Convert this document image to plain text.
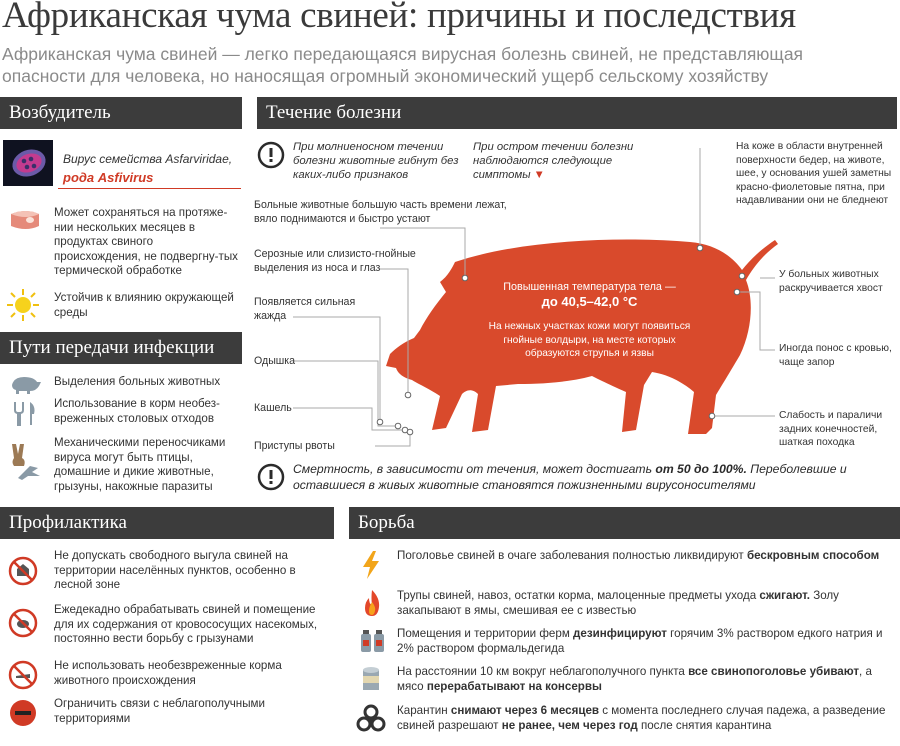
Африканская чума свиней: причины и последствия
Африканская чума свиней — легко передающаяся вирусная болезнь свиней, не представляющая опасности для человека, но наносящая огромный экономический ущерб сельскому хозяйству
Возбудитель
Вирус семейства Asfarviridae,
рода Asfivirus
Может сохраняться на протяже-нии нескольких месяцев в продуктах свиного происхождения, не подвергну-тых термической обработке
Устойчив к влиянию окружающей среды
Пути передачи инфекции
Выделения больных животных
Использование в корм необез-вреженных столовых отходов
Механическими переносчиками вируса могут быть птицы, домашние и дикие животные, грызуны, накожные паразиты
Течение болезни
При молниеносном течении болезни животные гибнут без каких-либо признаков
При остром течении болезни наблюдаются следующие симптомы ▼
Повышенная температура тела —
до 40,5–42,0 °С
На нежных участках кожи могут появиться гнойные волдыри, на месте которых образуются струпья и язвы
Больные животные большую часть времени лежат, вяло поднимаются и быстро устают
Серозные или слизисто-гнойные выделения из носа и глаз
Появляется сильная жажда
Одышка
Кашель
Приступы рвоты
На коже в области внутренней поверхности бедер, на животе, шее, у основания ушей заметны красно-фиолетовые пятна, при надавливании они не бледнеют
У больных животных раскручивается хвост
Иногда понос с кровью, чаще запор
Слабость и параличи задних конечностей, шаткая походка
Смертность, в зависимости от течения, может достигать от 50 до 100%. Переболевшие и оставшиеся в живых животные становятся пожизненными вирусоносителями
Профилактика
Не допускать свободного выгула свиней на территории населённых пунктов, особенно в лесной зоне
Ежедекадно обрабатывать свиней и помещение для их содержания от кровососущих насекомых, постоянно вести борьбу с грызунами
Не использовать необезвреженные корма животного происхождения
Ограничить связи с неблагополучными территориями
Борьба
Поголовье свиней в очаге заболевания полностью ликвидируют бескровным способом
Трупы свиней, навоз, остатки корма, малоценные предметы ухода сжигают. Золу закапывают в ямы, смешивая ее с известью
Помещения и территории ферм дезинфицируют горячим 3% раствором едкого натрия и 2% раствором формальдегида
На расстоянии 10 км вокруг неблагополучного пункта все свинопоголовье убивают, а мясо перерабатывают на консервы
Карантин снимают через 6 месяцев с момента последнего случая падежа, а разведение свиней разрешают не ранее, чем через год после снятия карантина
